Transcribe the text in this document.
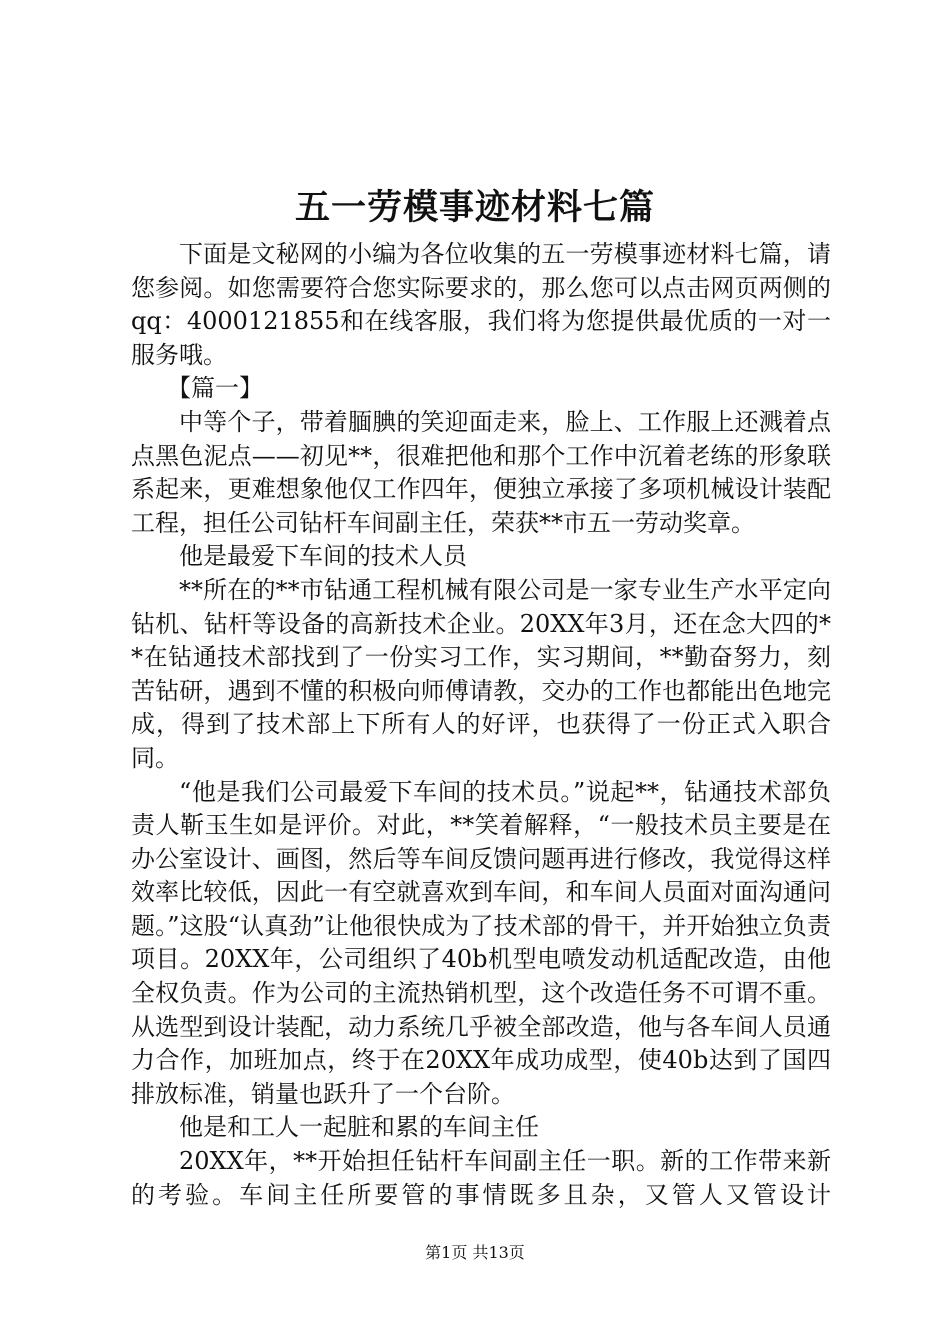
五一劳模事迹材料七篇

下面是文秘网的小编为各位收集的五一劳模事迹材料七篇，请您参阅。如您需要符合您实际要求的，那么您可以点击网页两侧的qq：4000121855和在线客服，我们将为您提供最优质的一对一服务哦。

【篇一】

中等个子，带着腼腆的笑迎面走来，脸上、工作服上还溅着点点黑色泥点——初见**，很难把他和那个工作中沉着老练的形象联系起来，更难想象他仅工作四年，便独立承接了多项机械设计装配工程，担任公司钻杆车间副主任，荣获**市五一劳动奖章。

他是最爱下车间的技术人员

**所在的**市钻通工程机械有限公司是一家专业生产水平定向钻机、钻杆等设备的高新技术企业。20XX年3月，还在念大四的**在钻通技术部找到了一份实习工作，实习期间，**勤奋努力，刻苦钻研，遇到不懂的积极向师傅请教，交办的工作也都能出色地完成，得到了技术部上下所有人的好评，也获得了一份正式入职合同。

“他是我们公司最爱下车间的技术员。”说起**，钻通技术部负责人靳玉生如是评价。对此，**笑着解释，“一般技术员主要是在办公室设计、画图，然后等车间反馈问题再进行修改，我觉得这样效率比较低，因此一有空就喜欢到车间，和车间人员面对面沟通问题。”这股“认真劲”让他很快成为了技术部的骨干，并开始独立负责项目。20XX年，公司组织了40b机型电喷发动机适配改造，由他全权负责。作为公司的主流热销机型，这个改造任务不可谓不重。从选型到设计装配，动力系统几乎被全部改造，他与各车间人员通力合作，加班加点，终于在20XX年成功成型，使40b达到了国四排放标准，销量也跃升了一个台阶。

他是和工人一起脏和累的车间主任

20XX年，**开始担任钻杆车间副主任一职。新的工作带来新的考验。车间主任所要管的事情既多且杂，又管人又管设计

第1页 共13页
